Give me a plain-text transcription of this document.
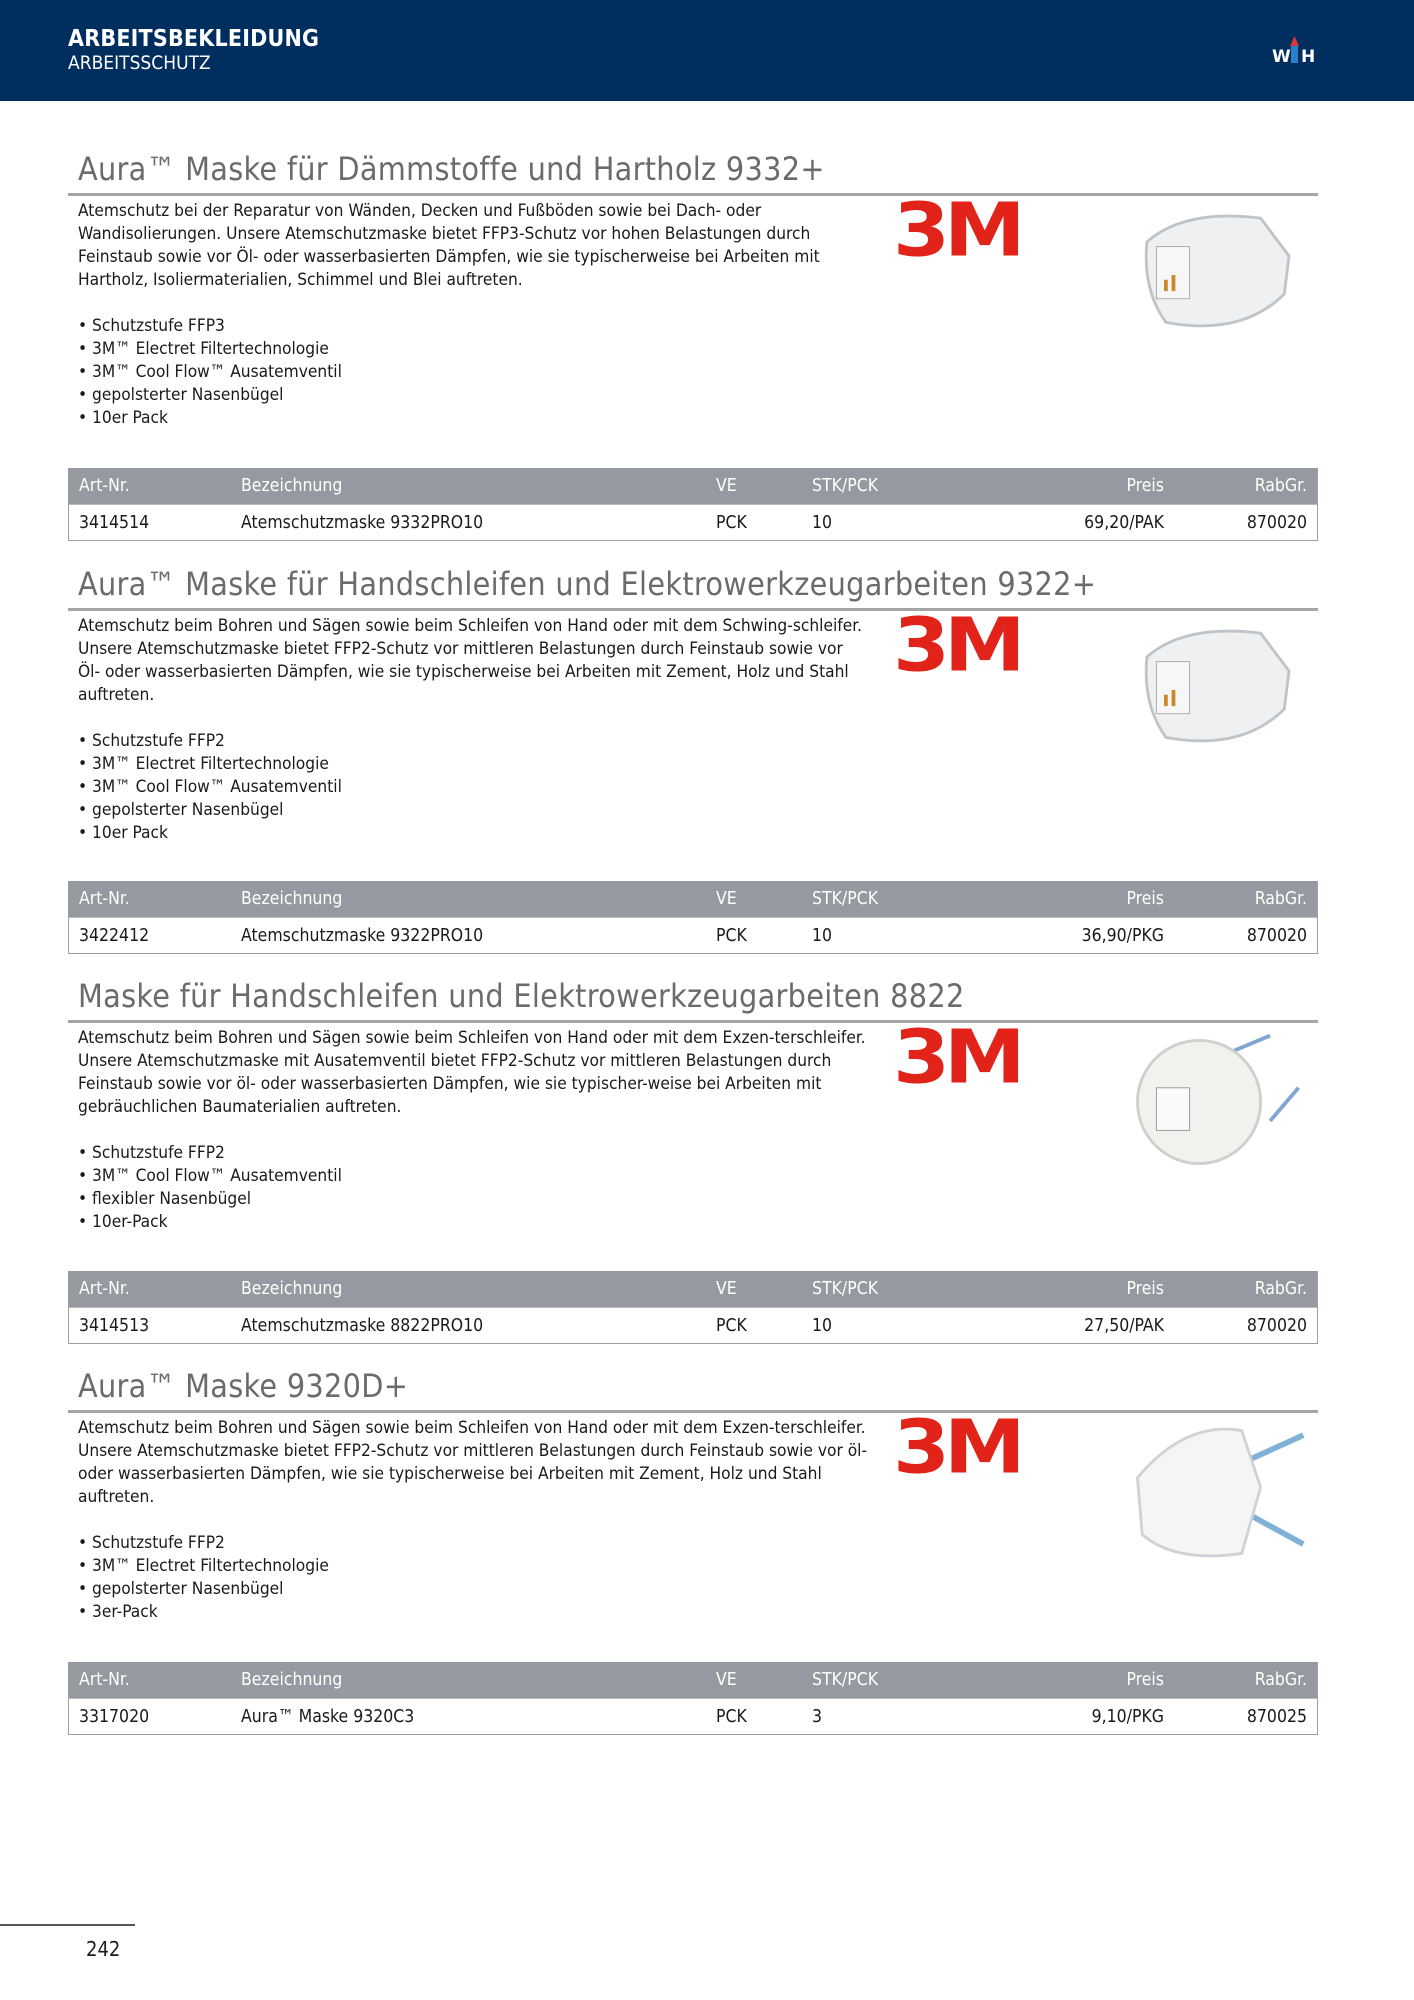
ARBEITSBEKLEIDUNG
ARBEITSSCHUTZ	W H
Aura™ Maske für Dämmstoffe und Hartholz 9332+

Atemschutz bei der Reparatur von Wänden, Decken und Fußböden sowie bei Dach- oder Wandisolierungen. Unsere Atemschutzmaske bietet FFP3-Schutz vor hohen Belastungen durch Feinstaub sowie vor Öl- oder wasserbasierten Dämpfen, wie sie typischerweise bei Arbeiten mit Hartholz, Isoliermaterialien, Schimmel und Blei auftreten.

• Schutzstufe FFP3
• 3M™ Electret Filtertechnologie
• 3M™ Cool Flow™ Ausatemventil
• gepolsterter Nasenbügel
• 10er Pack
3M
Art-Nr.	Bezeichnung	VE	STK/PCK	Preis	RabGr.
3414514	Atemschutzmaske 9332PRO10	PCK	10	69,20/PAK	870020
Aura™ Maske für Handschleifen und Elektrowerkzeugarbeiten 9322+

Atemschutz beim Bohren und Sägen sowie beim Schleifen von Hand oder mit dem Schwing-schleifer. Unsere Atemschutzmaske bietet FFP2-Schutz vor mittleren Belastungen durch Feinstaub sowie vor Öl- oder wasserbasierten Dämpfen, wie sie typischerweise bei Arbeiten mit Zement, Holz und Stahl auftreten.

• Schutzstufe FFP2
• 3M™ Electret Filtertechnologie
• 3M™ Cool Flow™ Ausatemventil
• gepolsterter Nasenbügel
• 10er Pack
3M
Art-Nr.	Bezeichnung	VE	STK/PCK	Preis	RabGr.
3422412	Atemschutzmaske 9322PRO10	PCK	10	36,90/PKG	870020
Maske für Handschleifen und Elektrowerkzeugarbeiten 8822

Atemschutz beim Bohren und Sägen sowie beim Schleifen von Hand oder mit dem Exzen-terschleifer. Unsere Atemschutzmaske mit Ausatemventil bietet FFP2-Schutz vor mittleren Belastungen durch Feinstaub sowie vor öl- oder wasserbasierten Dämpfen, wie sie typischer-weise bei Arbeiten mit gebräuchlichen Baumaterialien auftreten.

• Schutzstufe FFP2
• 3M™ Cool Flow™ Ausatemventil
• flexibler Nasenbügel
• 10er-Pack
3M
Art-Nr.	Bezeichnung	VE	STK/PCK	Preis	RabGr.
3414513	Atemschutzmaske 8822PRO10	PCK	10	27,50/PAK	870020
Aura™ Maske 9320D+

Atemschutz beim Bohren und Sägen sowie beim Schleifen von Hand oder mit dem Exzen-terschleifer. Unsere Atemschutzmaske bietet FFP2-Schutz vor mittleren Belastungen durch Feinstaub sowie vor öl- oder wasserbasierten Dämpfen, wie sie typischerweise bei Arbeiten mit Zement, Holz und Stahl auftreten.

• Schutzstufe FFP2
• 3M™ Electret Filtertechnologie
• gepolsterter Nasenbügel
• 3er-Pack
3M
Art-Nr.	Bezeichnung	VE	STK/PCK	Preis	RabGr.
3317020	Aura™ Maske 9320C3	PCK	3	9,10/PKG	870025
242
